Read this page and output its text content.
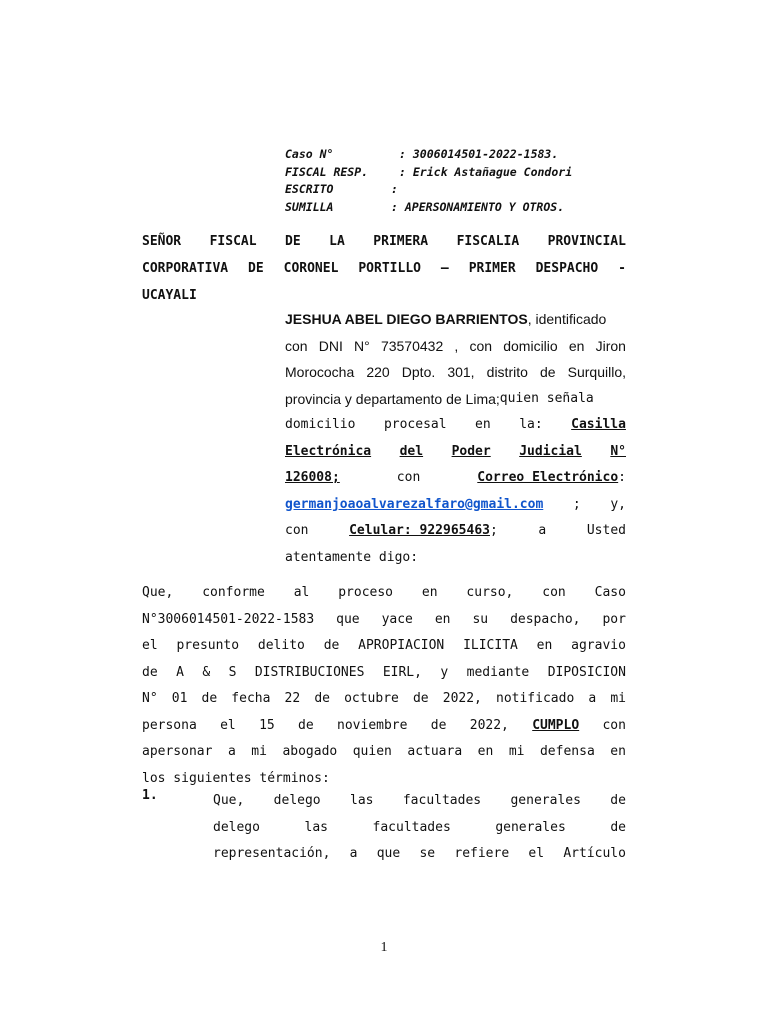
Caso N°	:
3006014501-2022-1583.
FISCAL RESP.	:
Erick Astañague Condori
ESCRITO	:
SUMILLA	:
APERSONAMIENTO Y OTROS.
SEÑOR FISCAL DE LA PRIMERA FISCALIA PROVINCIAL
CORPORATIVA DE CORONEL PORTILLO – PRIMER DESPACHO -
UCAYALI
JESHUA ABEL DIEGO BARRIENTOS , identificado
con DNI N° 73570432 , con domicilio en Jiron
Morococha 220 Dpto. 301, distrito de Surquillo,
provincia y departamento de Lima; quien señala
domicilio procesal en la: Casilla
Electrónica del Poder Judicial N°
126008;	con	Correo Electrónico:
germanjoaoalvarezalfaro@gmail.com ; y,
con	Celular: 922965463;	a	Usted
atentamente digo:
Que, conforme al proceso en curso, con Caso
N°3006014501-2022-1583 que yace en su despacho, por
el presunto delito de APROPIACION ILICITA en agravio
de A & S DISTRIBUCIONES EIRL, y mediante DIPOSICION
N° 01 de fecha 22 de octubre de 2022, notificado a mi
persona el 15 de noviembre de 2022, CUMPLO con
apersonar a mi abogado quien actuara en mi defensa en
los siguientes términos:
1.	Que, delego las facultades generales de
delego	las	facultades	generales	de
representación, a que se refiere el Artículo
1
